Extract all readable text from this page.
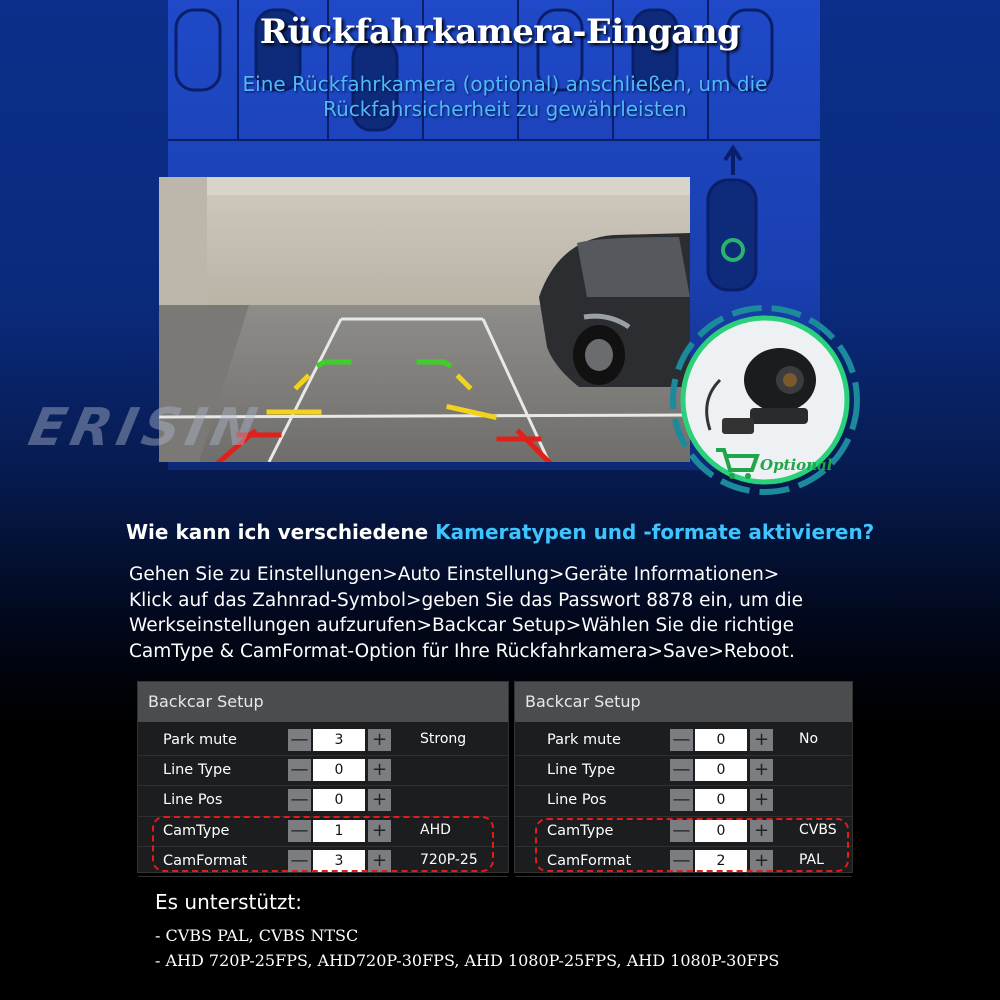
Rückfahrkamera-Eingang
Eine Rückfahrkamera (optional) anschließen, um die
Rückfahrsicherheit zu gewährleisten
ERISIN
Optional
Wie kann ich verschiedene Kameratypen und -formate aktivieren?
Gehen Sie zu Einstellungen>Auto Einstellung>Geräte Informationen>
Klick auf das Zahnrad-Symbol>geben Sie das Passwort 8878 ein, um die
Werkseinstellungen aufzurufen>Backcar Setup>Wählen Sie die richtige
CamType & CamFormat-Option für Ihre Rückfahrkamera>Save>Reboot.
Backcar Setup
Park mute	—	3	+ Strong
Line Type	—	0	+
Line Pos	—	0	+
CamType	—	1	+ AHD
CamFormat —	3	+ 720P-25
Backcar Setup
Park mute	—	0	+ No
Line Type	—	0	+
Line Pos	—	0	+
CamType	—	0	+ CVBS
CamFormat —	2	+ PAL
Es unterstützt:
- CVBS PAL, CVBS NTSC
- AHD 720P-25FPS, AHD720P-30FPS, AHD 1080P-25FPS, AHD 1080P-30FPS
